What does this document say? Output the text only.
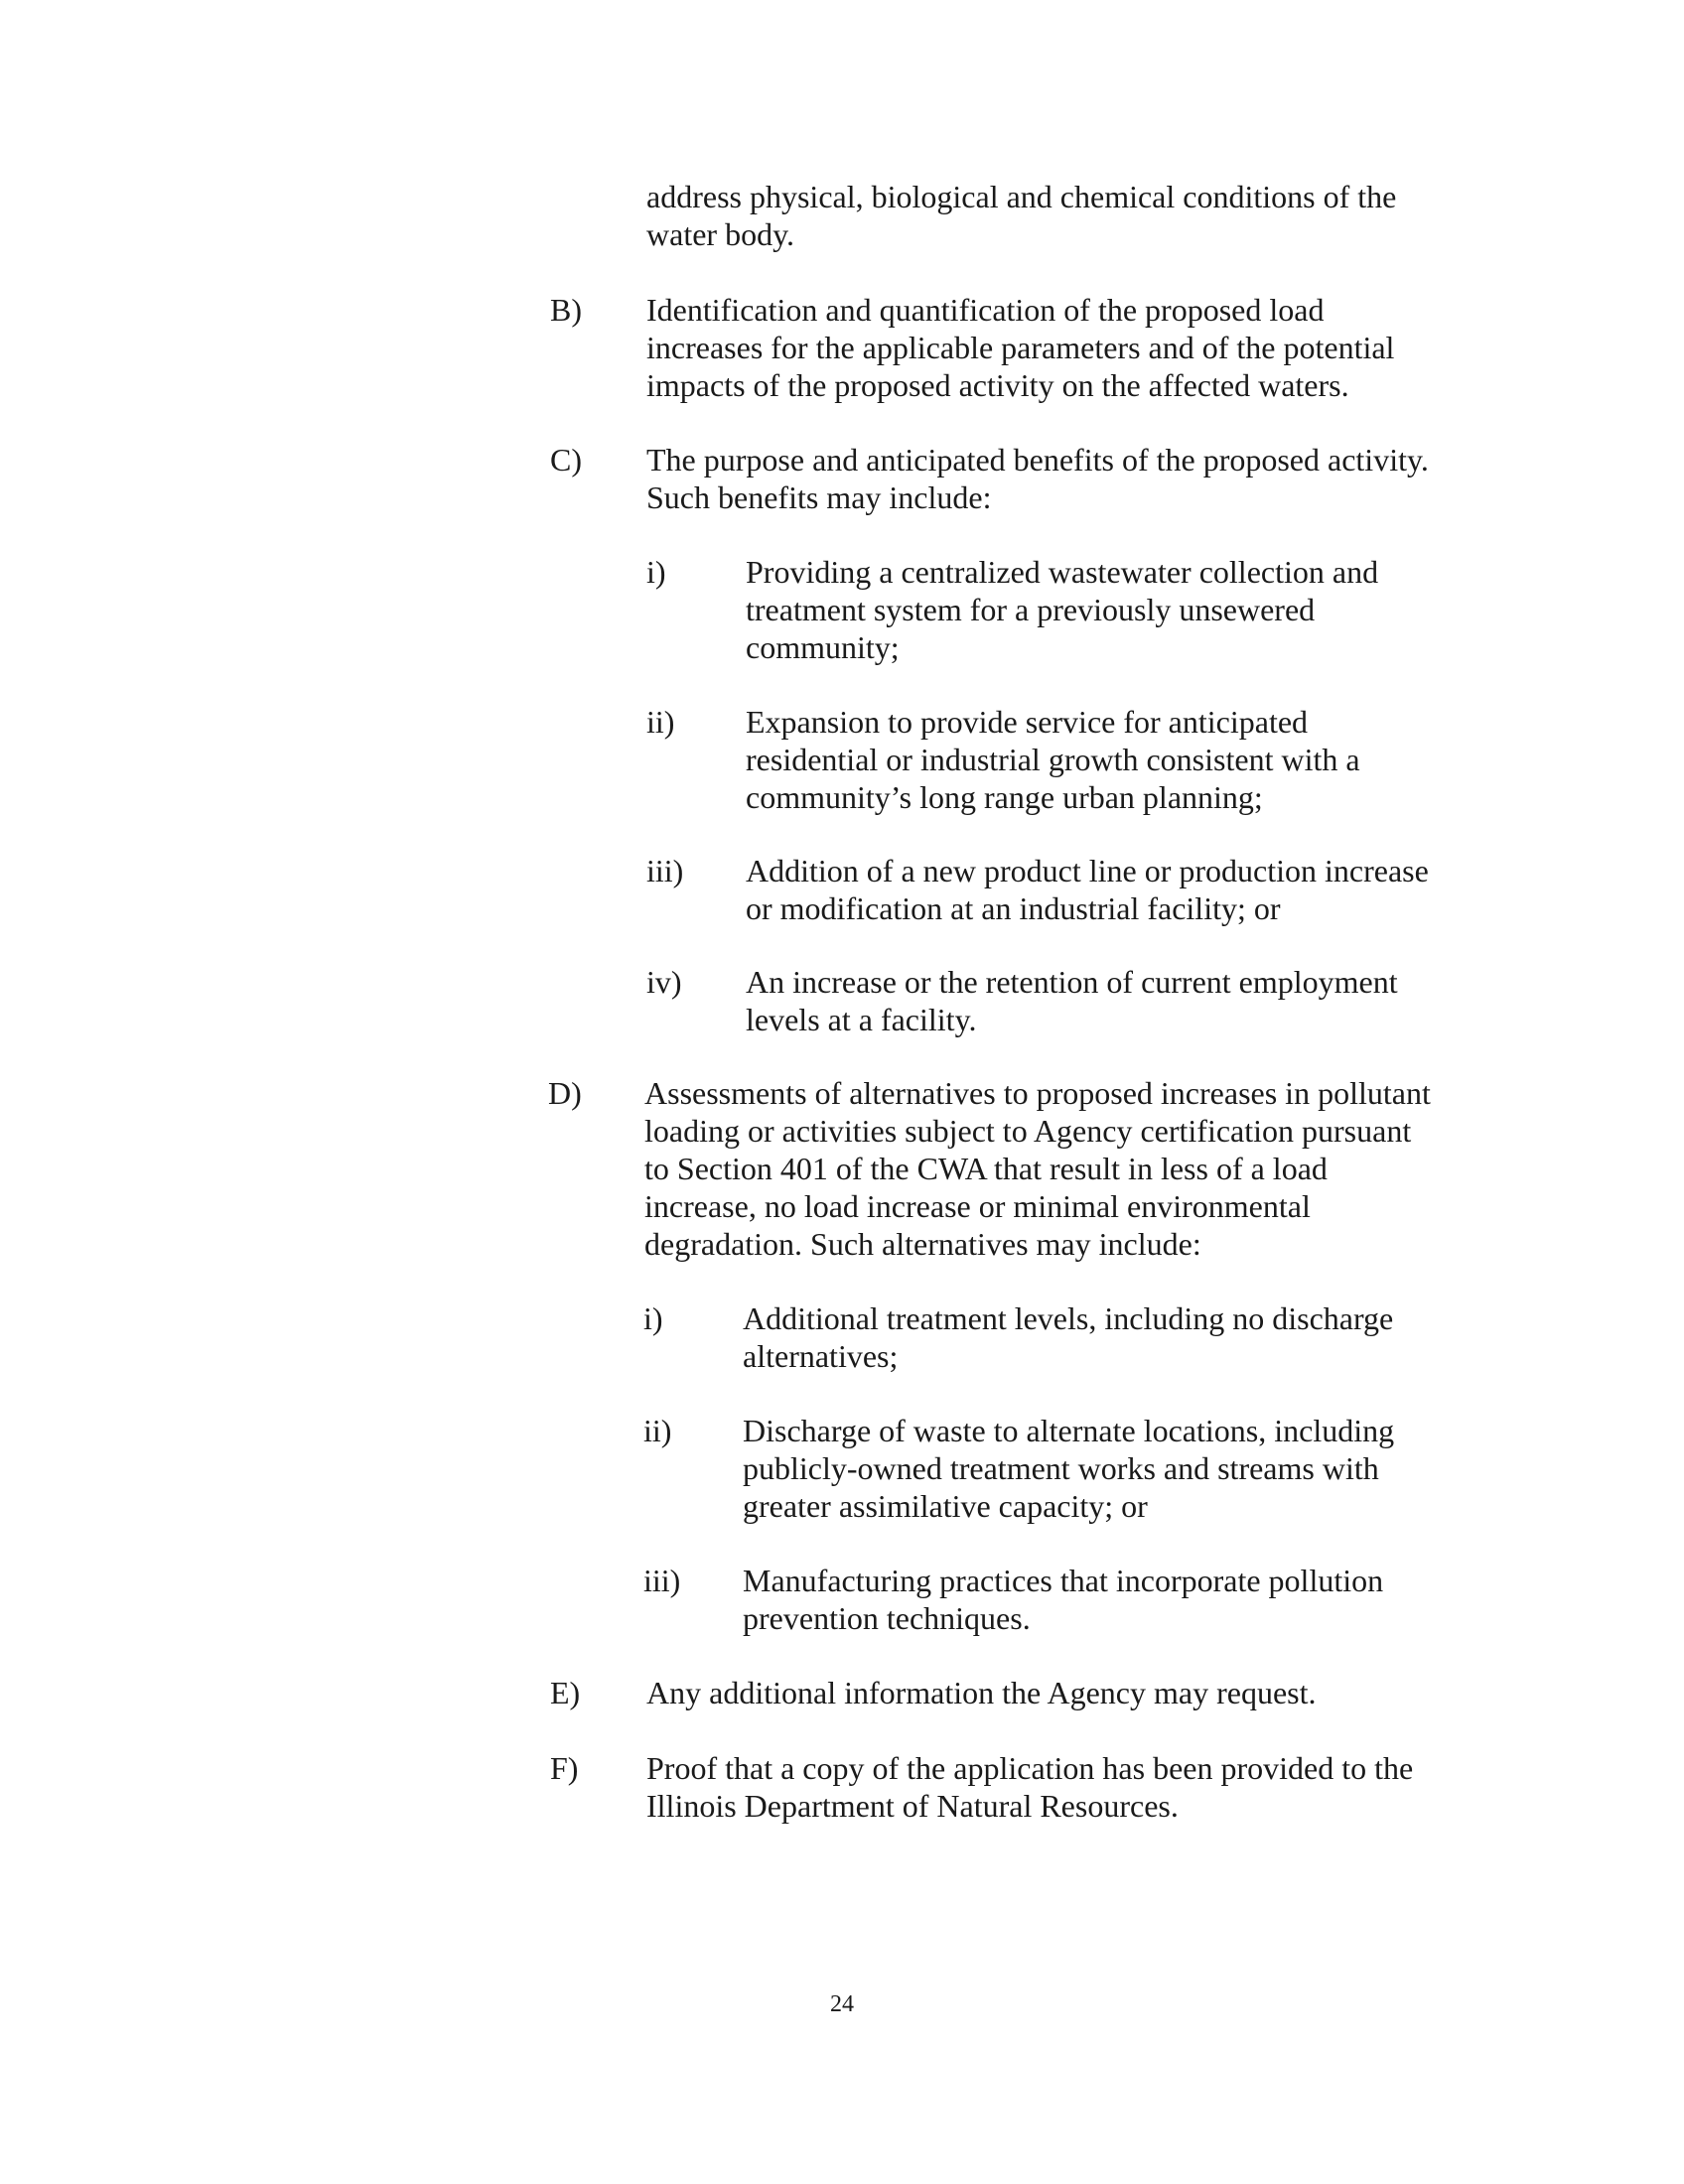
address physical, biological and chemical conditions of the water body.
B) Identification and quantification of the proposed load increases for the applicable parameters and of the potential impacts of the proposed activity on the affected waters.
C) The purpose and anticipated benefits of the proposed activity. Such benefits may include:
i)	Providing a centralized wastewater collection and treatment system for a previously unsewered community;
ii) Expansion to provide service for anticipated residential or industrial growth consistent with a community’s long range urban planning;
iii) Addition of a new product line or production increase or modification at an industrial facility; or
iv) An increase or the retention of current employment levels at a facility.
D) Assessments of alternatives to proposed increases in pollutant loading or activities subject to Agency certification pursuant to Section 401 of the CWA that result in less of a load increase, no load increase or minimal environmental degradation. Such alternatives may include:
i)	Additional treatment levels, including no discharge alternatives;
ii) Discharge of waste to alternate locations, including publicly-owned treatment works and streams with greater assimilative capacity; or
iii) Manufacturing practices that incorporate pollution prevention techniques.
E) Any additional information the Agency may request.
F) Proof that a copy of the application has been provided to the Illinois Department of Natural Resources.
24
